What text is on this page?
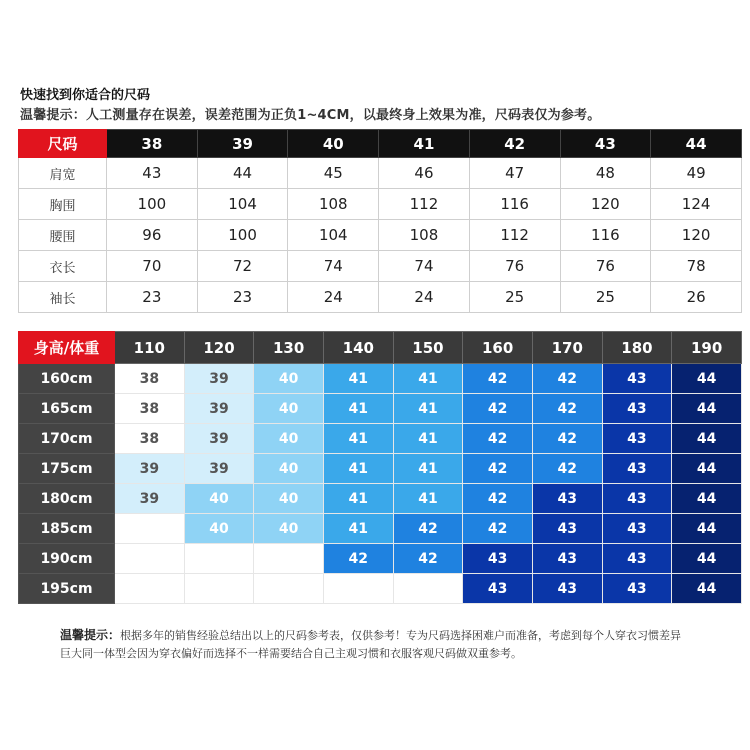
快速找到你适合的尺码
温馨提示：人工测量存在误差，误差范围为正负1~4CM，以最终身上效果为准，尺码表仅为参考。
尺码	38	39	40	41	42	43	44
肩宽	43	44	45	46	47	48	49
胸围	100	104	108	112	116	120	124
腰围	96	100	104	108	112	116	120
衣长	70	72	74	74	76	76	78
袖长	23	23	24	24	25	25	26
身高/体重	110	120	130	140	150	160	170	180	190
160cm	38	39	40	41	41	42	42	43	44
165cm	38	39	40	41	41	42	42	43	44
170cm	38	39	40	41	41	42	42	43	44
175cm	39	39	40	41	41	42	42	43	44
180cm	39	40	40	41	41	42	43	43	44
185cm		40	40	41	42	42	43	43	44
190cm				42	42	43	43	43	44
195cm						43	43	43	44
温馨提示：根据多年的销售经验总结出以上的尺码参考表，仅供参考！专为尺码选择困难户而准备，考虑到每个人穿衣习惯差异
巨大同一体型会因为穿衣偏好而选择不一样需要结合自己主观习惯和衣服客观尺码做双重参考。
